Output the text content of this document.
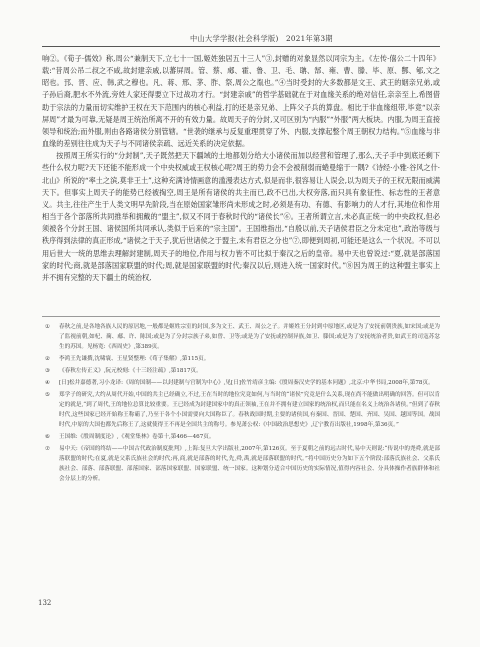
中山大学学报(社会科学版)　2021年第3期

响②。《荀子·儒效》称,周公“兼制天下,立七十一国,姬姓独居五十三人”③,封赠的对象显然以同宗为主。《左传·僖公二十四年》载:“昔周公吊二叔之不咸,故封建亲戚,以蕃屏周。管、蔡、郕、霍、鲁、卫、毛、聃、郜、雍、曹、滕、毕、原、酆、郇,文之昭也。邘、晋、应、韩,武之穆也。凡、蒋、邢、茅、胙、祭,周公之胤也。”④当时受封的大多数都是文王、武王的姻亲兄弟,或子孙后裔,肥水不外流,旁姓人家还得要立下过战功才行。“封建亲戚”的哲学基础就在于对血缘关系的绝对信任,亲亲至上,希图借助于宗法的力量而切实维护王权在天下范围内的核心利益,打的还是亲兄弟、上阵父子兵的算盘。相比于非血缘组带,毕竟“以亲屏周”才最为可靠,无疑是周王统治所离不开的有效力量。故周天子的分封,又可区别为“内服”“外服”两大板块。内服,为周王直接领导和统治;而外服,则由各路诸侯分别管辖。“世袭的继承与反复重理贯穿了外、内服,支撑起整个周王朝权力结构。”⑤血缘与非血缘的差别往往成为天子与不同诸侯亲疏、远近关系的决定依据。

按照周王所实行的“分封制”,天子既然把天下疆域的土地都划分给大小诸侯而加以经营和管理了,那么,天子手中到底还剩下些什么权力呢?天下还能不能形成一个中央权威或王权核心呢?周王的势力会不会被削弱而蜷曼缩于一隅?《诗经·小雅·谷风之什·北山》所说的“率土之滨,莫非王土”,这种充满诗情画意的滥漫表达方式,似是而非,很容易让人误会,以为周天子的王权无限而威满天下。但事实上周天子的能势已经被掏空,周王是所有诸侯的共主而已,政不已出,大权旁落,而只具有象征性、标志性的王者意义。共主,往往产生于人类文明早先阶段,当在原始国家雏形尚未形成之时,必须是有功、有德、有影响力的人才行,其地位和作用相当于各个部落所共同推举和拥戴的“盟主”,似又不同于春秋时代的“诸侯长”⑥。王者所谓立言,未必真正统一的中央政权,但必须被各个分封王国、诸侯国所共同承认,类似于后来的“宗主国”。王国维指出,“自殷以前,天子诸侯君臣之分未定也”,政治等级与秩序得到法律的真正形成,“诸侯之于天子,犹后世诸侯之于盟主,未有君臣之分也”⑦,即便到周初,可能还是这么一个状况。不可以用后世大一统的思维去理解封建制,周天子的地位,作用与权力皆不可比拟于秦汉之后的皇帝。易中天也曾说过:“夏,就是部落国家的时代;商,就是部落国家联盟的时代;周,就是国家联盟的时代;秦汉以后,则进入统一国家时代。”⑧因为周王的这种盟主事实上并不拥有完整的天下疆土的统治权,

① 春秋之前,是各地各族人民的原居地,一般都是姬姓宗室的封国,多为文王、武王、周公之子。并姬姓王分封到中原地区,或是为了安抚前朝贵族,如宋国;或是为了监视前朝,如杞、蔺、郕、许、陈国;或是为了分封宗族子弟,如曾、卫等;或是为了安抚或控制异族,如卫、滕国;或是为了安抚统治者贵,如武王的司寇苏忿生的苏国。见杨宽:《西周史》,第389页。
② 李鸿王先谦撰,沈啸寰、王星贤整理:《荀子集解》,第115页。
③ 《春秋左传正义》,阮元校刻:《十三经注疏》,第1817页。
④ [日]松井嘉德著,习小龙译:《周的国制——以封建制与官制为中心》,见[日]佐竹靖彦主编:《殷周秦汉史学的基本问题》,北京:中华书局,2008年,第78页。
⑤ 郑学子的研究,大约从周代开始,中国的共主已经确立,不过,王在当时的地位究竟如何,与当时的“诸侯”究竟是什么关系,现在尚不能做出明确的回答。但可以肯定的就是,“到了周代,王的地位总算比较重要。王已经成为封建国家中的真正领袖,王在并不拥有建立国家的统治权,而只能在名义上统治各诸侯。”但到了春秋时代,这些国家已经开始称王称霸了,乃至于各个小国需要向大国称臣了。春秋战国时期,主要的诸侯国,有秦国、晋国、楚国、齐国、吴国、越国等国。战国时代,中原的大国也都先后称王了,这就使得王不再是全国共主的称号。参见萧公权:《中国政治思想史》,辽宁教育出版社,1998年,第36页。”
⑥ 王国维:《殷周制度论》,《观堂集林》卷第十,第466—467页。
⑦ 易中天:《帝国的终结——中国古代政治制度批判》,上海:复旦大学出版社,2007年,第126页。至于夏朝之前的远古时代,易中天则说:“传说中的尧舜,就是部落联盟的时代;在夏,就是父系氏族社会的时代;再,商,就是部落的时代,先,舜,禹,就是部落联盟的时代。”将中国历史分为如下五个阶段:部落氏族社会、父系氏族社会、部落、部落联盟、部落国家、部落国家联盟、国家联盟、统一国家。这种划分适合中国历史的实际情况,值得内容社会、分具体操作者族群体和社会分层上的分析。
132
